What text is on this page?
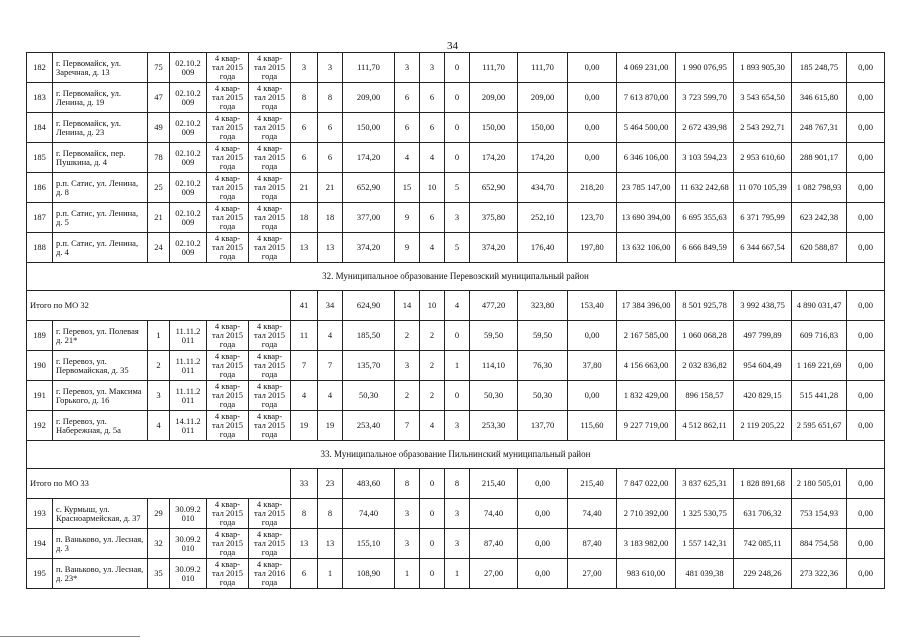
34
182	г. Первомайск, ул. Заречная, д. 13	75	02.10.2 009	4 квар- тал 2015 года	4 квар- тал 2015 года	3	3	111,70	3	3	0	111,70	111,70	0,00	4 069 231,00	1 990 076,95	1 893 905,30	185 248,75	0,00
183	г. Первомайск, ул. Ленина, д. 19	47	02.10.2 009	4 квар- тал 2015 года	4 квар- тал 2015 года	8	8	209,00	6	6	0	209,00	209,00	0,00	7 613 870,00	3 723 599,70	3 543 654,50	346 615,80	0,00
184	г. Первомайск, ул. Ленина, д. 23	49	02.10.2 009	4 квар- тал 2015 года	4 квар- тал 2015 года	6	6	150,00	6	6	0	150,00	150,00	0,00	5 464 500,00	2 672 439,98	2 543 292,71	248 767,31	0,00
185	г. Первомайск, пер. Пушкина, д. 4	78	02.10.2 009	4 квар- тал 2015 года	4 квар- тал 2015 года	6	6	174,20	4	4	0	174,20	174,20	0,00	6 346 106,00	3 103 594,23	2 953 610,60	288 901,17	0,00
186	р.п. Сатис, ул. Ленина, д. 8	25	02.10.2 009	4 квар- тал 2015 года	4 квар- тал 2015 года	21	21	652,90	15	10	5	652,90	434,70	218,20	23 785 147,00	11 632 242,68	11 070 105,39	1 082 798,93	0,00
187	р.п. Сатис, ул. Ленина, д. 5	21	02.10.2 009	4 квар- тал 2015 года	4 квар- тал 2015 года	18	18	377,00	9	6	3	375,80	252,10	123,70	13 690 394,00	6 695 355,63	6 371 795,99	623 242,38	0,00
188	р.п. Сатис, ул. Ленина, д. 4	24	02.10.2 009	4 квар- тал 2015 года	4 квар- тал 2015 года	13	13	374,20	9	4	5	374,20	176,40	197,80	13 632 106,00	6 666 849,59	6 344 667,54	620 588,87	0,00
32. Муниципальное образование Перевозский муниципальный район																			
Итого по МО 32						41	34	624,90	14	10	4	477,20	323,80	153,40	17 384 396,00	8 501 925,78	3 992 438,75	4 890 031,47	0,00
189	г. Перевоз, ул. Полевая д. 21*	1	11.11.2 011	4 квар- тал 2015 года	4 квар- тал 2015 года	11	4	185,50	2	2	0	59,50	59,50	0,00	2 167 585,00	1 060 068,28	497 799,89	609 716,83	0,00
190	г. Перевоз, ул. Первомайская, д. 35	2	11.11.2 011	4 квар- тал 2015 года	4 квар- тал 2015 года	7	7	135,70	3	2	1	114,10	76,30	37,80	4 156 663,00	2 032 836,82	954 604,49	1 169 221,69	0,00
191	г. Перевоз, ул. Максима Горького, д. 16	3	11.11.2 011	4 квар- тал 2015 года	4 квар- тал 2015 года	4	4	50,30	2	2	0	50,30	50,30	0,00	1 832 429,00	896 158,57	420 829,15	515 441,28	0,00
192	г. Перевоз, ул. Набережная, д. 5а	4	14.11.2 011	4 квар- тал 2015 года	4 квар- тал 2015 года	19	19	253,40	7	4	3	253,30	137,70	115,60	9 227 719,00	4 512 862,11	2 119 205,22	2 595 651,67	0,00
33. Муниципальное образование Пильнинский муниципальный район																			
Итого по МО 33						33	23	483,60	8	0	8	215,40	0,00	215,40	7 847 022,00	3 837 625,31	1 828 891,68	2 180 505,01	0,00
193	с. Курмыш, ул. Красноармейская, д. 37	29	30.09.2 010	4 квар- тал 2015 года	4 квар- тал 2015 года	8	8	74,40	3	0	3	74,40	0,00	74,40	2 710 392,00	1 325 530,75	631 706,32	753 154,93	0,00
194	п. Ваньково, ул. Лесная, д. 3	32	30.09.2 010	4 квар- тал 2015 года	4 квар- тал 2015 года	13	13	155,10	3	0	3	87,40	0,00	87,40	3 183 982,00	1 557 142,31	742 085,11	884 754,58	0,00
195	п. Ваньково, ул. Лесная, д. 23*	35	30.09.2 010	4 квар- тал 2015 года	4 квар- тал 2016 года	6	1	108,90	1	0	1	27,00	0,00	27,00	983 610,00	481 039,38	229 248,26	273 322,36	0,00
